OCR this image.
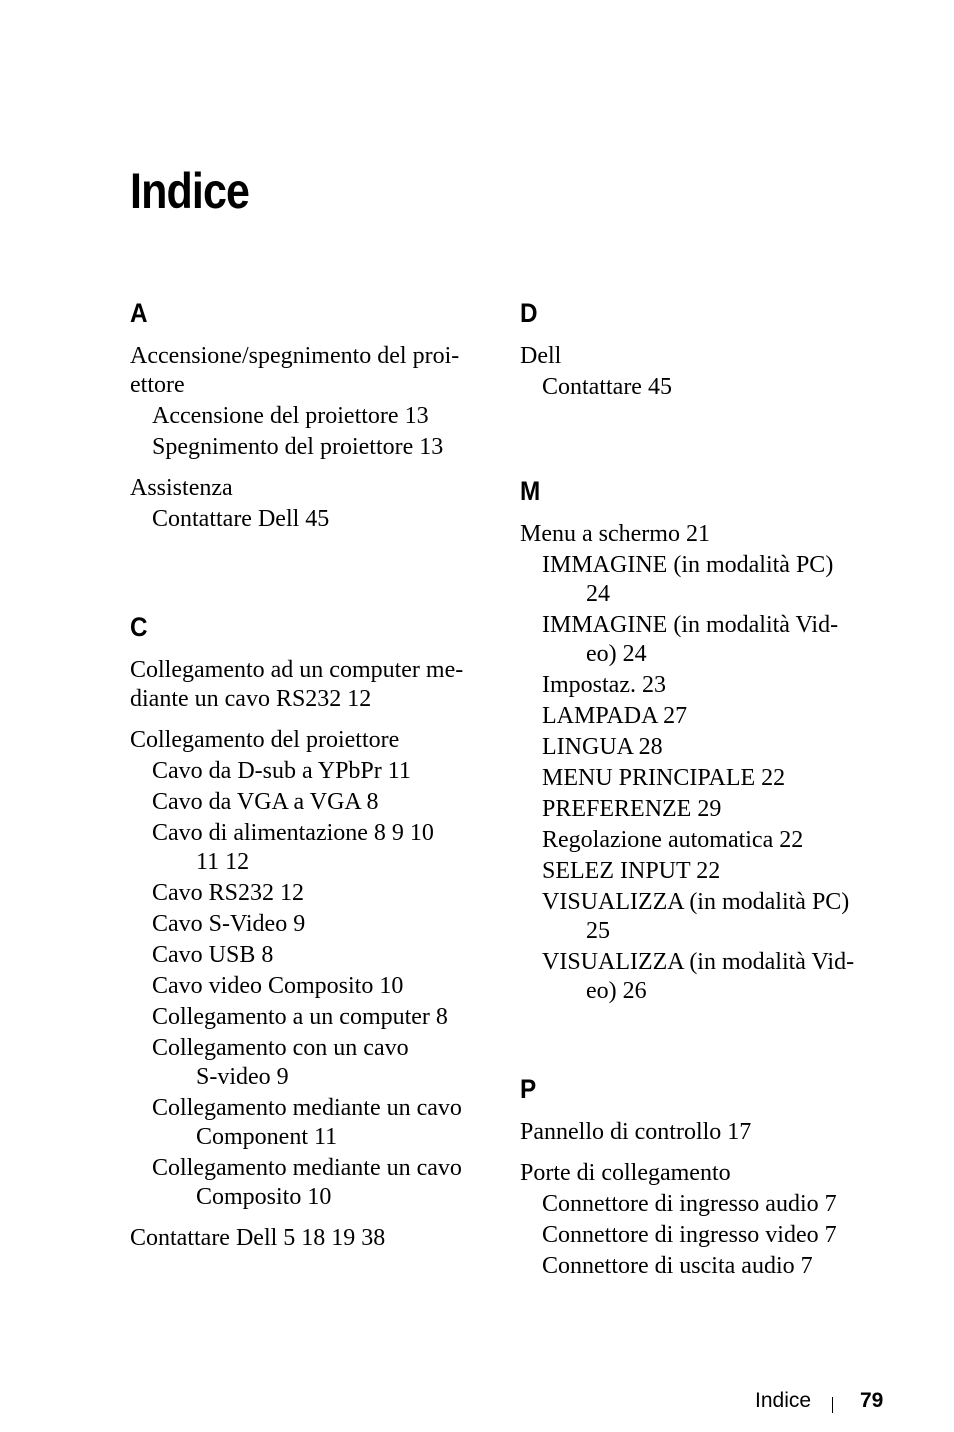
Indice
A
Accensione/spegnimento del proi-
ettore
Accensione del proiettore 13
Spegnimento del proiettore 13
Assistenza
Contattare Dell 45
C
Collegamento ad un computer me-
diante un cavo RS232 12
Collegamento del proiettore
Cavo da D-sub a YPbPr 11
Cavo da VGA a VGA 8
Cavo di alimentazione 8 9 10
11 12
Cavo RS232 12
Cavo S-Video 9
Cavo USB 8
Cavo video Composito 10
Collegamento a un computer 8
Collegamento con un cavo
S-video 9
Collegamento mediante un cavo
Component 11
Collegamento mediante un cavo
Composito 10
Contattare Dell 5 18 19 38
D
Dell
Contattare 45
M
Menu a schermo 21
IMMAGINE (in modalità PC)
24
IMMAGINE (in modalità Vid-
eo) 24
Impostaz. 23
LAMPADA 27
LINGUA 28
MENU PRINCIPALE 22
PREFERENZE 29
Regolazione automatica 22
SELEZ INPUT 22
VISUALIZZA (in modalità PC)
25
VISUALIZZA (in modalità Vid-
eo) 26
P
Pannello di controllo 17
Porte di collegamento
Connettore di ingresso audio 7
Connettore di ingresso video 7
Connettore di uscita audio 7
Indice 79
